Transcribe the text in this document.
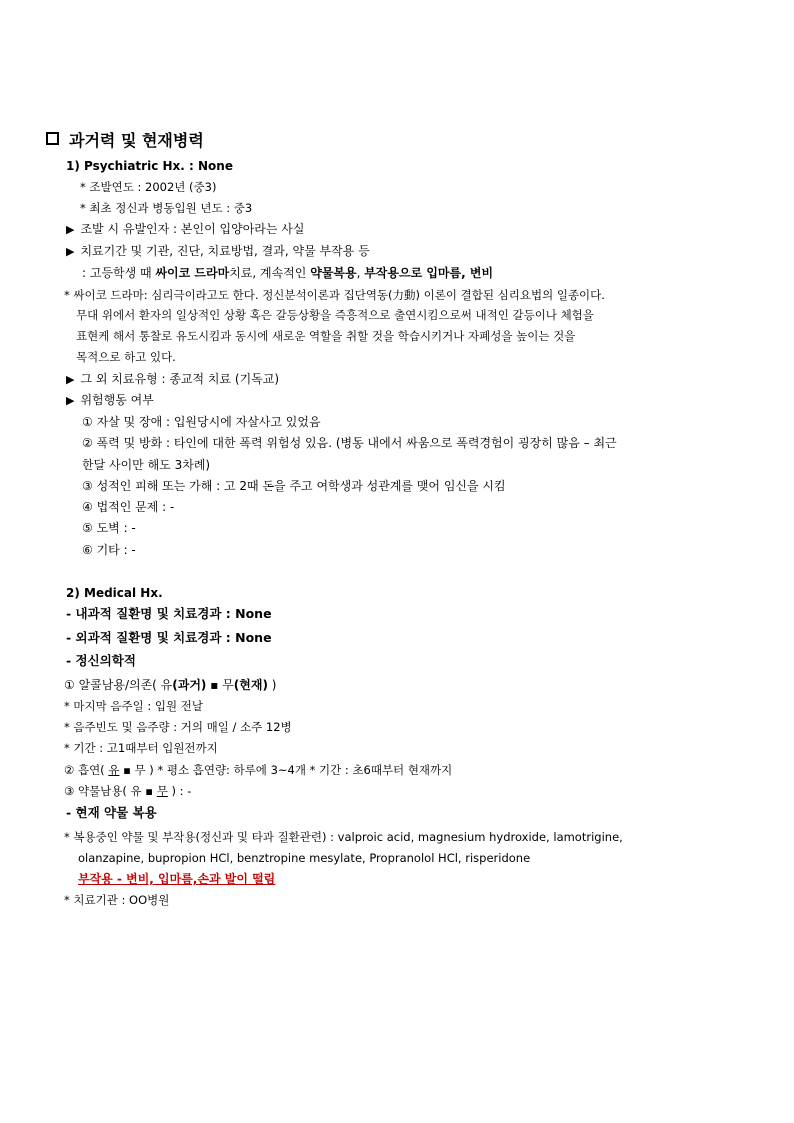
과거력 및 현재병력
1) Psychiatric Hx. : None
* 조발연도 : 2002년 (중3)
* 최초 정신과 병동입원 년도 : 중3
▶ 조발 시 유발인자 : 본인이 입양아라는 사실
▶ 치료기간 및 기관, 진단, 치료방법, 결과, 약물 부작용 등
: 고등학생 때 싸이코 드라마치료, 계속적인 약물복용, 부작용으로 입마름, 변비
* 싸이코 드라마: 심리극이라고도 한다. 정신분석이론과 집단역동(力動) 이론이 결합된 심리요법의 일종이다.
무대 위에서 환자의 일상적인 상황 혹은 갈등상황을 즉흥적으로 출연시킴으로써 내적인 갈등이나 체험을
표현케 해서 통찰로 유도시킴과 동시에 새로운 역할을 취할 것을 학습시키거나 자폐성을 높이는 것을
목적으로 하고 있다.
▶ 그 외 치료유형 : 종교적 치료 (기독교)
▶ 위험행동 여부
① 자살 및 장애 : 입원당시에 자살사고 있었음
② 폭력 및 방화 : 타인에 대한 폭력 위험성 있음. (병동 내에서 싸움으로 폭력경험이 굉장히 많음 – 최근
한달 사이만 해도 3차례)
③ 성적인 피해 또는 가해 : 고 2때 돈을 주고 여학생과 성관계를 맺어 임신을 시킴
④ 법적인 문제 : -
⑤ 도벽 : -
⑥ 기타 : -
2) Medical Hx.
- 내과적 질환명 및 치료경과 : None
- 외과적 질환명 및 치료경과 : None
- 정신의학적
① 알콜남용/의존( 유(과거) ▪ 무(현재) )
* 마지막 음주일 : 입원 전날
* 음주빈도 및 음주량 : 거의 매일 / 소주 12병
* 기간 : 고1때부터 입원전까지
② 흡연( 유 ▪ 무 ) * 평소 흡연량: 하루에 3~4개 * 기간 : 초6때부터 현재까지
③ 약물남용( 유 ▪ 무 ) : -
- 현재 약물 복용
* 복용중인 약물 및 부작용(정신과 및 타과 질환관련) : valproic acid, magnesium hydroxide, lamotrigine,
olanzapine, bupropion HCl, benztropine mesylate, Propranolol HCl, risperidone
부작용 - 변비, 입마름,손과 발이 떨림
* 치료기관 : OO병원
